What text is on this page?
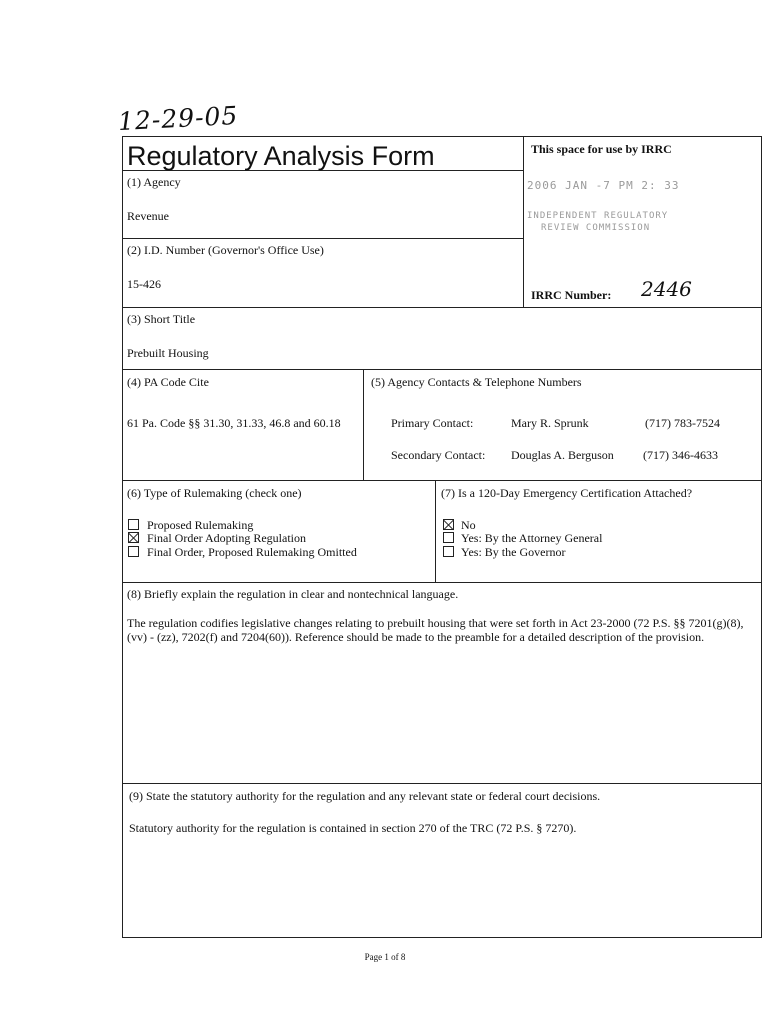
12-29-05
Regulatory Analysis Form	This space for use by IRRC
2006 JAN -7 PM 2: 33
INDEPENDENT REGULATORY
REVIEW COMMISSION
IRRC Number: 2446
(1) Agency
Revenue
(2) I.D. Number (Governor's Office Use)
15-426
(3) Short Title
Prebuilt Housing
(4) PA Code Cite
61 Pa. Code §§ 31.30, 31.33, 46.8 and 60.18
(5) Agency Contacts & Telephone Numbers
Primary Contact:	Mary R. Sprunk	(717) 783-7524
Secondary Contact: Douglas A. Berguson (717) 346-4633
(6) Type of Rulemaking (check one)
Proposed Rulemaking
Final Order Adopting Regulation
Final Order, Proposed Rulemaking Omitted
(7) Is a 120-Day Emergency Certification Attached?
No
Yes: By the Attorney General
Yes: By the Governor
(8) Briefly explain the regulation in clear and nontechnical language.
The regulation codifies legislative changes relating to prebuilt housing that were set forth in Act 23-2000 (72 P.S. §§ 7201(g)(8), (vv) - (zz), 7202(f) and 7204(60)). Reference should be made to the preamble for a detailed description of the provision.
(9) State the statutory authority for the regulation and any relevant state or federal court decisions.
Statutory authority for the regulation is contained in section 270 of the TRC (72 P.S. § 7270).
Page 1 of 8
